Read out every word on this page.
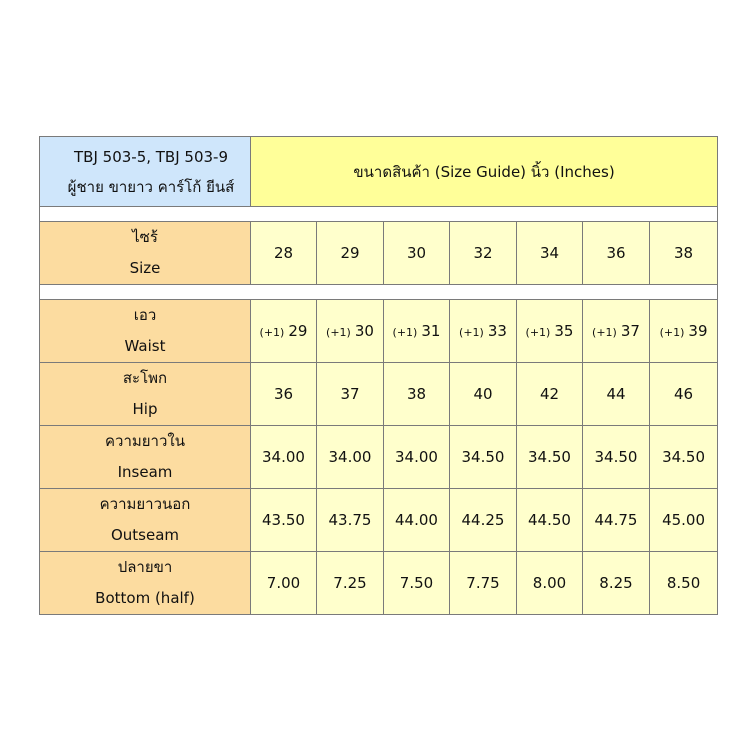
TBJ 503-5, TBJ 503-9
ผู้ชาย ขายาว คาร์โก้ ยีนส์	ขนาดสินค้า (Size Guide) นิ้ว (Inches)						

ไซร้
Size	28	29	30	32	34	36	38

เอว
Waist	(+1) 29	(+1) 30	(+1) 31	(+1) 33	(+1) 35	(+1) 37	(+1) 39

สะโพก
Hip	36	37	38	40	42	44	46

ความยาวใน
Inseam	34.00	34.00	34.00	34.50	34.50	34.50	34.50

ความยาวนอก
Outseam	43.50	43.75	44.00	44.25	44.50	44.75	45.00

ปลายขา
Bottom (half)	7.00	7.25	7.50	7.75	8.00	8.25	8.50
